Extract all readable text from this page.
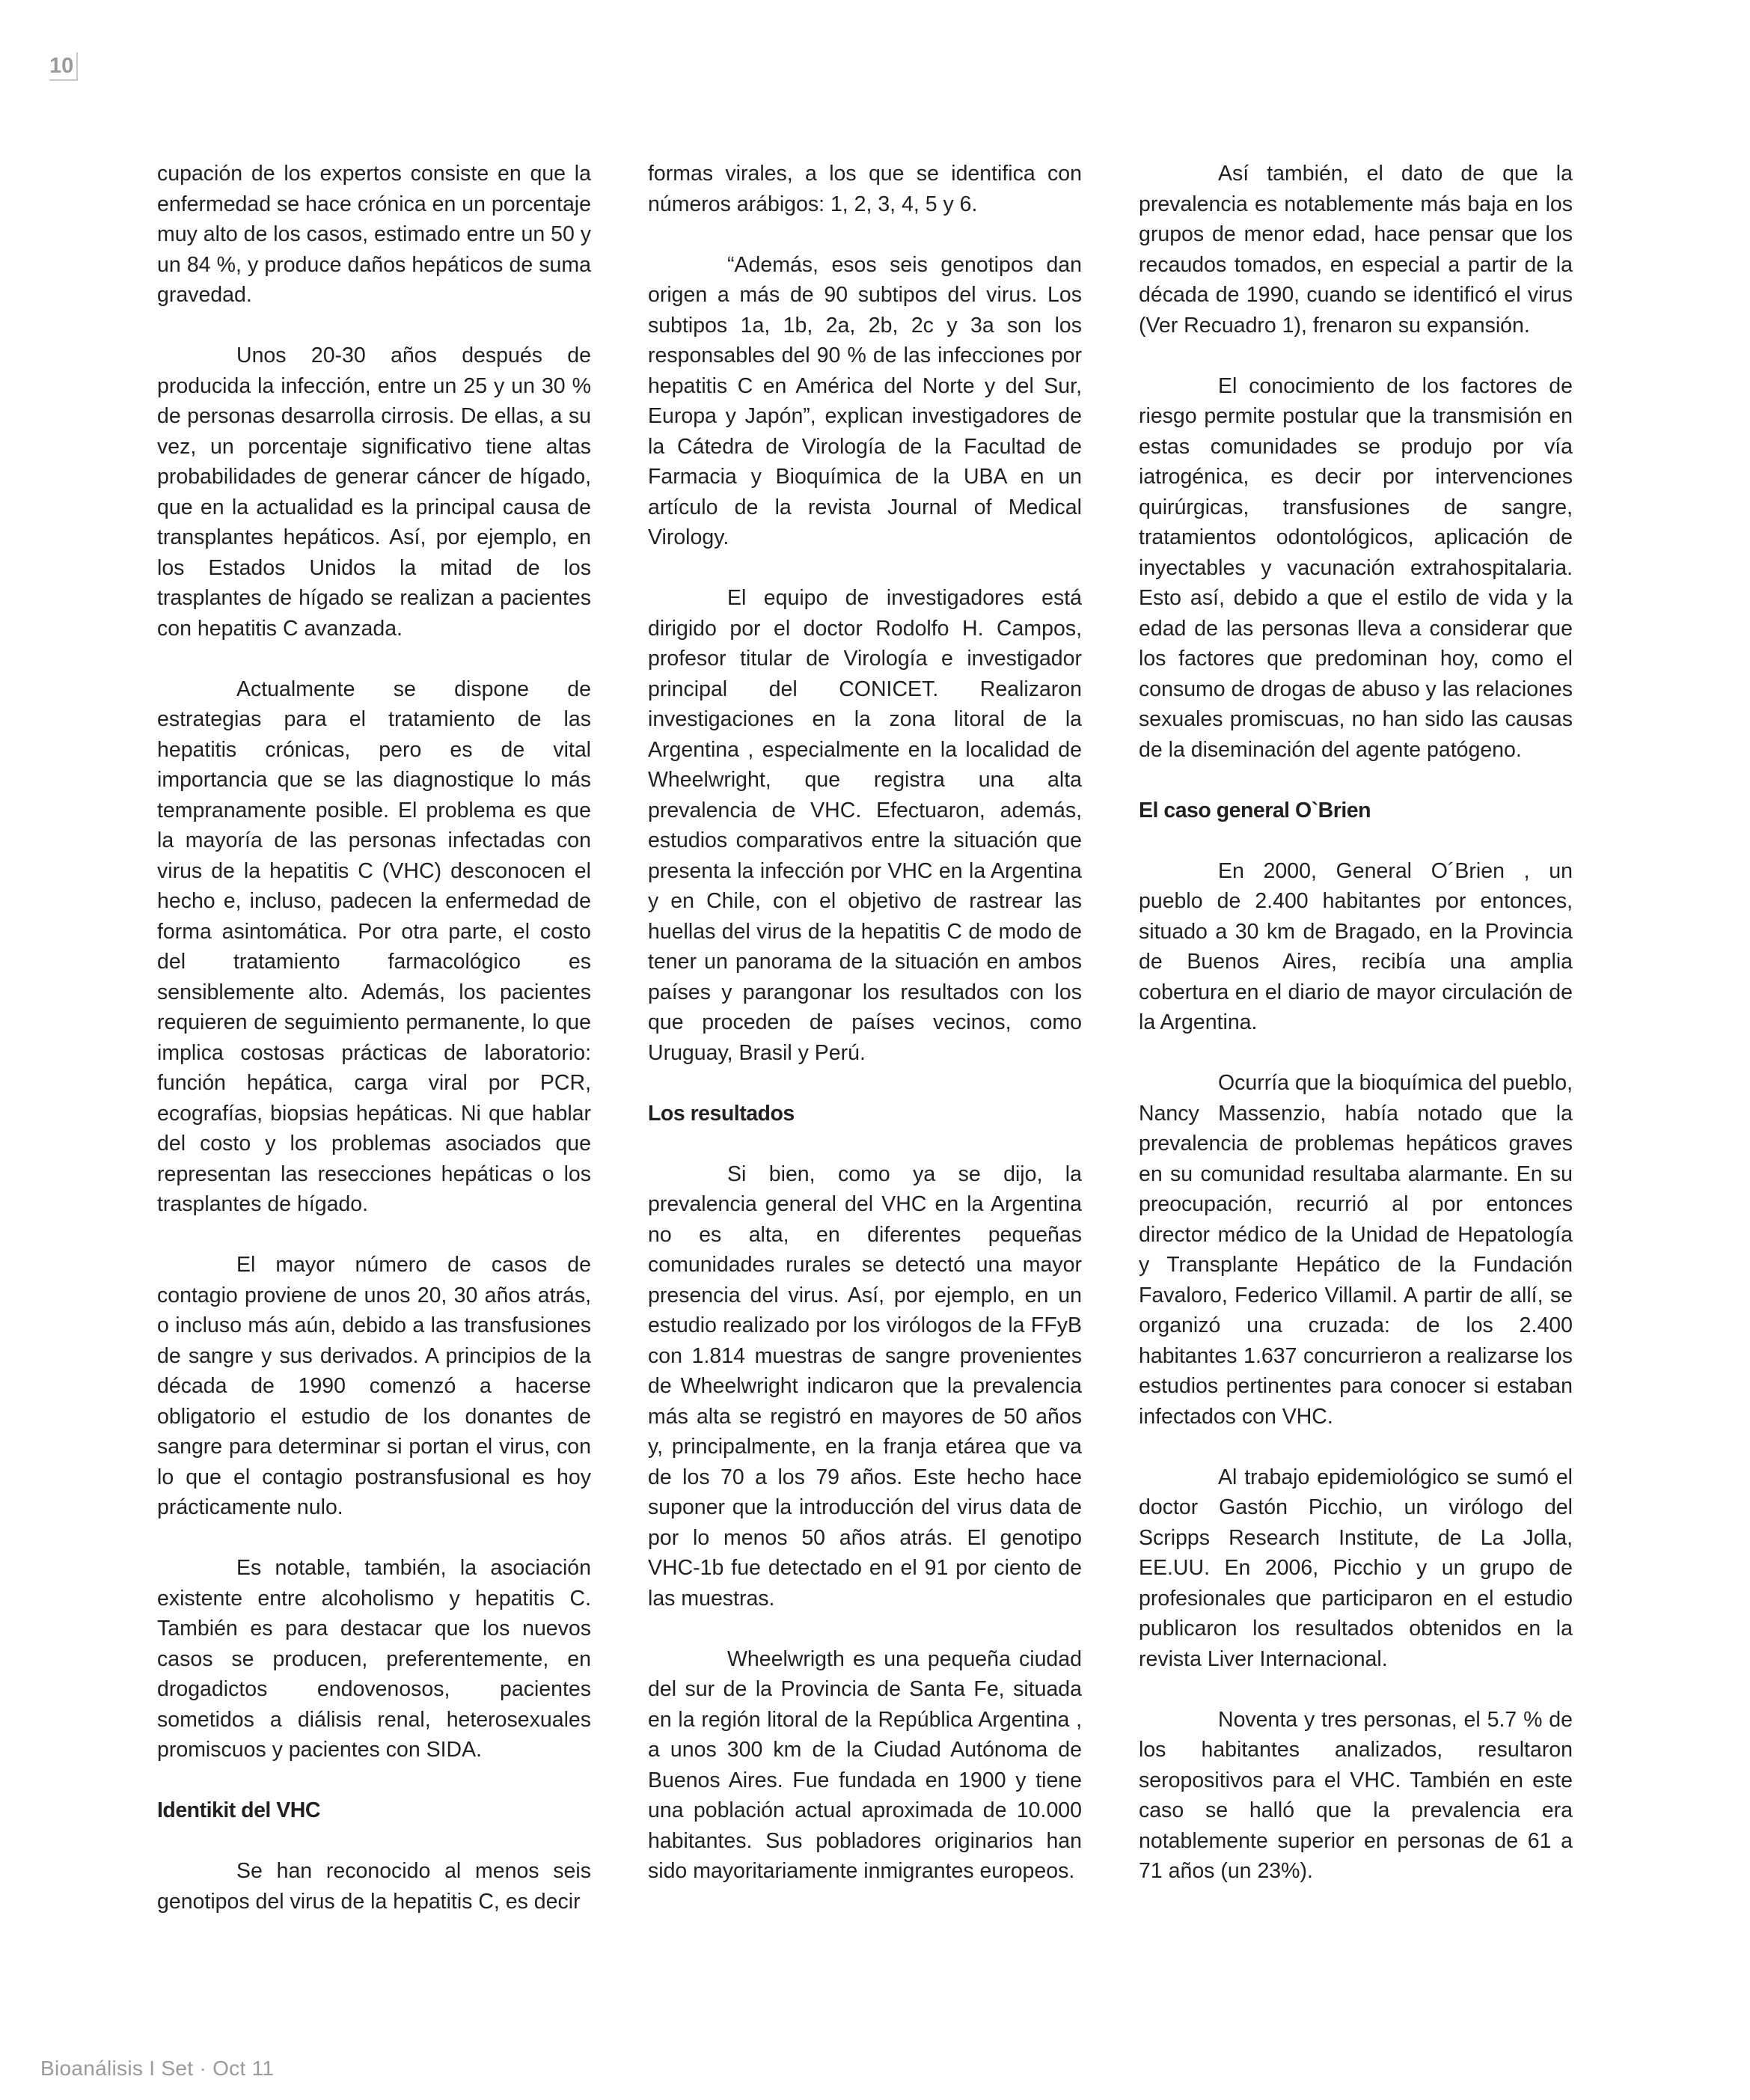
10

cupación de los expertos consiste en que la enfermedad se hace crónica en un porcentaje muy alto de los casos, estimado entre un 50 y un 84 %, y produce daños hepáticos de suma gravedad.

Unos 20-30 años después de producida la infección, entre un 25 y un 30 % de personas desarrolla cirrosis. De ellas, a su vez, un porcentaje significativo tiene altas probabilidades de generar cáncer de hígado, que en la actualidad es la principal causa de transplantes hepáticos. Así, por ejemplo, en los Estados Unidos la mitad de los trasplantes de hígado se realizan a pacientes con hepatitis C avanzada.

Actualmente se dispone de estrategias para el tratamiento de las hepatitis crónicas, pero es de vital importancia que se las diagnostique lo más tempranamente posible. El problema es que la mayoría de las personas infectadas con virus de la hepatitis C (VHC) desconocen el hecho e, incluso, padecen la enfermedad de forma asintomática. Por otra parte, el costo del tratamiento farmacológico es sensiblemente alto. Además, los pacientes requieren de seguimiento permanente, lo que implica costosas prácticas de laboratorio: función hepática, carga viral por PCR, ecografías, biopsias hepáticas. Ni que hablar del costo y los problemas asociados que representan las resecciones hepáticas o los trasplantes de hígado.

El mayor número de casos de contagio proviene de unos 20, 30 años atrás, o incluso más aún, debido a las transfusiones de sangre y sus derivados. A principios de la década de 1990 comenzó a hacerse obligatorio el estudio de los donantes de sangre para determinar si portan el virus, con lo que el contagio postransfusional es hoy prácticamente nulo.

Es notable, también, la asociación existente entre alcoholismo y hepatitis C. También es para destacar que los nuevos casos se producen, preferentemente, en drogadictos endovenosos, pacientes sometidos a diálisis renal, heterosexuales promiscuos y pacientes con SIDA.

Identikit del VHC

Se han reconocido al menos seis genotipos del virus de la hepatitis C, es decir

formas virales, a los que se identifica con números arábigos: 1, 2, 3, 4, 5 y 6.

“Además, esos seis genotipos dan origen a más de 90 subtipos del virus. Los subtipos 1a, 1b, 2a, 2b, 2c y 3a son los responsables del 90 % de las infecciones por hepatitis C en América del Norte y del Sur, Europa y Japón”, explican investigadores de la Cátedra de Virología de la Facultad de Farmacia y Bioquímica de la UBA en un artículo de la revista Journal of Medical Virology.

El equipo de investigadores está dirigido por el doctor Rodolfo H. Campos, profesor titular de Virología e investigador principal del CONICET. Realizaron investigaciones en la zona litoral de la Argentina , especialmente en la localidad de Wheelwright, que registra una alta prevalencia de VHC. Efectuaron, además, estudios comparativos entre la situación que presenta la infección por VHC en la Argentina y en Chile, con el objetivo de rastrear las huellas del virus de la hepatitis C de modo de tener un panorama de la situación en ambos países y parangonar los resultados con los que proceden de países vecinos, como Uruguay, Brasil y Perú.

Los resultados

Si bien, como ya se dijo, la prevalencia general del VHC en la Argentina no es alta, en diferentes pequeñas comunidades rurales se detectó una mayor presencia del virus. Así, por ejemplo, en un estudio realizado por los virólogos de la FFyB con 1.814 muestras de sangre provenientes de Wheelwright indicaron que la prevalencia más alta se registró en mayores de 50 años y, principalmente, en la franja etárea que va de los 70 a los 79 años. Este hecho hace suponer que la introducción del virus data de por lo menos 50 años atrás. El genotipo VHC-1b fue detectado en el 91 por ciento de las muestras.

Wheelwrigth es una pequeña ciudad del sur de la Provincia de Santa Fe, situada en la región litoral de la República Argentina , a unos 300 km de la Ciudad Autónoma de Buenos Aires. Fue fundada en 1900 y tiene una población actual aproximada de 10.000 habitantes. Sus pobladores originarios han sido mayoritariamente inmigrantes europeos.

Así también, el dato de que la prevalencia es notablemente más baja en los grupos de menor edad, hace pensar que los recaudos tomados, en especial a partir de la década de 1990, cuando se identificó el virus (Ver Recuadro 1), frenaron su expansión.

El conocimiento de los factores de riesgo permite postular que la transmisión en estas comunidades se produjo por vía iatrogénica, es decir por intervenciones quirúrgicas, transfusiones de sangre, tratamientos odontológicos, aplicación de inyectables y vacunación extrahospitalaria. Esto así, debido a que el estilo de vida y la edad de las personas lleva a considerar que los factores que predominan hoy, como el consumo de drogas de abuso y las relaciones sexuales promiscuas, no han sido las causas de la diseminación del agente patógeno.

El caso general O`Brien

En 2000, General O´Brien , un pueblo de 2.400 habitantes por entonces, situado a 30 km de Bragado, en la Provincia de Buenos Aires, recibía una amplia cobertura en el diario de mayor circulación de la Argentina.

Ocurría que la bioquímica del pueblo, Nancy Massenzio, había notado que la prevalencia de problemas hepáticos graves en su comunidad resultaba alarmante. En su preocupación, recurrió al por entonces director médico de la Unidad de Hepatología y Transplante Hepático de la Fundación Favaloro, Federico Villamil. A partir de allí, se organizó una cruzada: de los 2.400 habitantes 1.637 concurrieron a realizarse los estudios pertinentes para conocer si estaban infectados con VHC.

Al trabajo epidemiológico se sumó el doctor Gastón Picchio, un virólogo del Scripps Research Institute, de La Jolla, EE.UU. En 2006, Picchio y un grupo de profesionales que participaron en el estudio publicaron los resultados obtenidos en la revista Liver Internacional.

Noventa y tres personas, el 5.7 % de los habitantes analizados, resultaron seropositivos para el VHC. También en este caso se halló que la prevalencia era notablemente superior en personas de 61 a 71 años (un 23%).

Bioanálisis I Set · Oct 11
